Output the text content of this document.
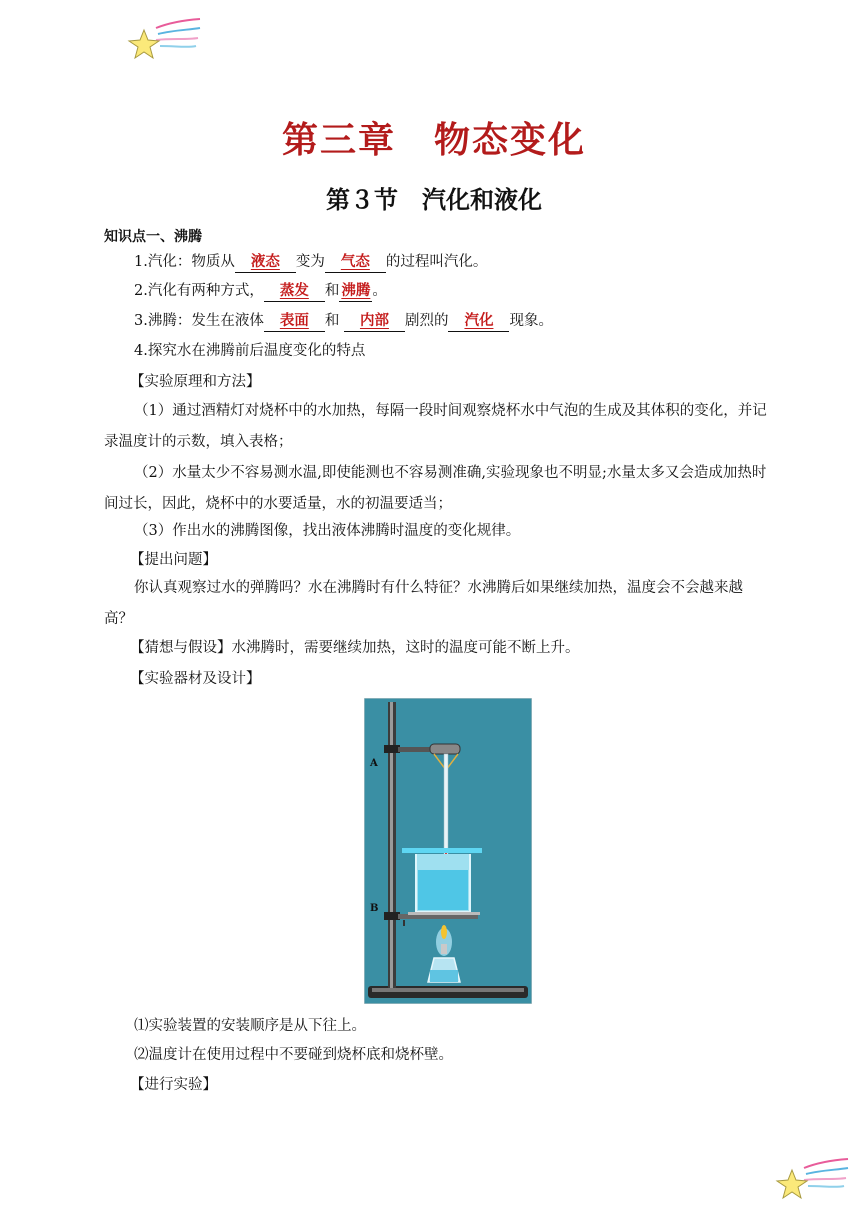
第三章　物态变化
第３节　汽化和液化
知识点一、沸腾
1.汽化：物质从 液态 变为 气态 的过程叫汽化。
2.汽化有两种方式， 蒸发 和 沸腾 。
3.沸腾：发生在液体 表面 和 内部 剧烈的 汽化 现象。
4.探究水在沸腾前后温度变化的特点
【实验原理和方法】
（1）通过酒精灯对烧杯中的水加热，每隔一段时间观察烧杯水中气泡的生成及其体积的变化，并记录温度计的示数，填入表格；
（2）水量太少不容易测水温,即使能测也不容易测准确,实验现象也不明显;水量太多又会造成加热时间过长，因此，烧杯中的水要适量，水的初温要适当；
（3）作出水的沸腾图像，找出液体沸腾时温度的变化规律。
【提出问题】
你认真观察过水的弹腾吗？水在沸腾时有什么特征？水沸腾后如果继续加热，温度会不会越来越高？
【猜想与假设】水沸腾时，需要继续加热，这时的温度可能不断上升。
【实验器材及设计】
A
B
⑴实验装置的安装顺序是从下往上。
⑵温度计在使用过程中不要碰到烧杯底和烧杯壁。
【进行实验】
